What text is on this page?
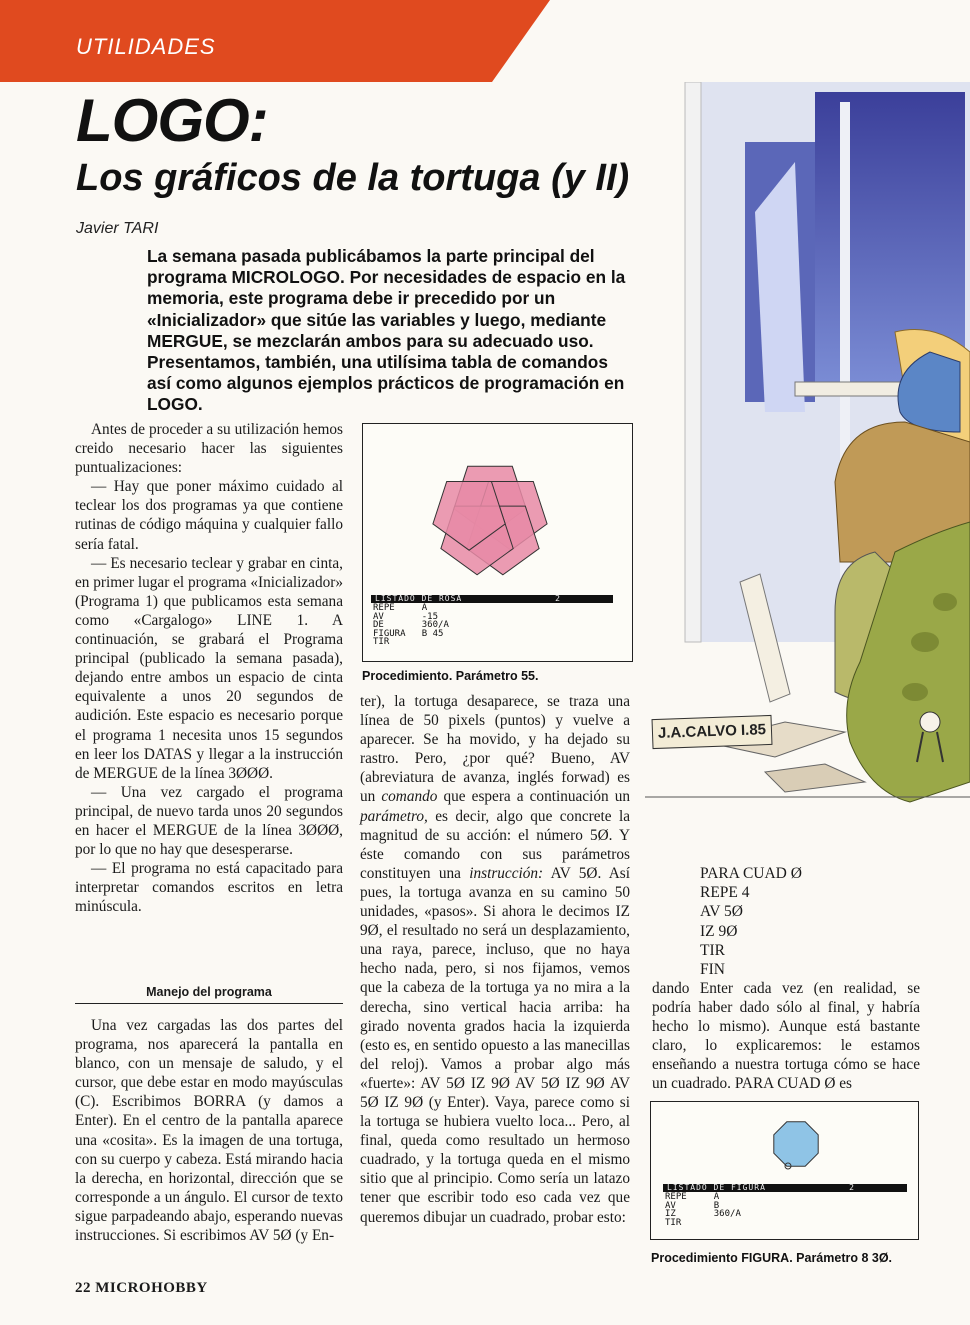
UTILIDADES
J.A.CALVO I.85
LOGO:
Los gráficos de la tortuga (y II)
Javier TARI
La semana pasada publicábamos la parte principal del programa MICROLOGO. Por necesidades de espacio en la memoria, este programa debe ir precedido por un «Inicializador» que sitúe las variables y luego, mediante MERGUE, se mezclarán ambos para su adecuado uso. Presentamos, también, una utilísima tabla de comandos así como algunos ejemplos prácticos de programación en LOGO.

Antes de proceder a su utilización hemos creido necesario hacer las siguientes puntualizaciones:

— Hay que poner máximo cuidado al teclear los dos programas ya que contiene rutinas de código máquina y cualquier fallo sería fatal.

— Es necesario teclear y grabar en cinta, en primer lugar el programa «Inicializador» (Programa 1) que publicamos esta semana como «Cargalogo» LINE 1. A continuación, se grabará el Programa principal (publicado la semana pasada), dejando entre ambos un espacio de cinta equivalente a unos 20 segundos de audición. Este espacio es necesario porque el programa 1 necesita unos 15 segundos en leer los DATAS y llegar a la instrucción de MERGUE de la línea 3ØØØ.

— Una vez cargado el programa principal, de nuevo tarda unos 20 segundos en hacer el MERGUE de la línea 3ØØØ, por lo que no hay que desesperarse.

— El programa no está capacitado para interpretar comandos escritos en letra minúscula.

Manejo del programa

Una vez cargadas las dos partes del programa, nos aparecerá la pantalla en blanco, con un mensaje de saludo, y el cursor, que debe estar en modo mayúsculas (C). Escribimos BORRA (y damos a Enter). En el centro de la pantalla aparece una «cosita». Es la imagen de una tortuga, con su cuerpo y cabeza. Está mirando hacia la derecha, en horizontal, dirección que se corresponde a un ángulo. El cursor de texto sigue parpadeando abajo, esperando nuevas instrucciones. Si escribimos AV 5Ø (y En-

LISTADO DE ROSA	2
REPE     A
AV       -15
DE       360/A
FIGURA   B 45
TIR
Procedimiento. Parámetro 55.

ter), la tortuga desaparece, se traza una línea de 50 pixels (puntos) y vuelve a aparecer. Se ha movido, y ha dejado su rastro. Pero, ¿por qué? Bueno, AV (abreviatura de avanza, inglés forwad) es un comando que espera a continuación un parámetro, es decir, algo que concrete la magnitud de su acción: el número 5Ø. Y éste comando con sus parámetros constituyen una instrucción: AV 5Ø. Así pues, la tortuga avanza en su camino 50 unidades, «pasos». Si ahora le decimos IZ 9Ø, el resultado no será un desplazamiento, una raya, parece, incluso, que no haya hecho nada, pero, si nos fijamos, vemos que la cabeza de la tortuga ya no mira a la derecha, sino vertical hacia arriba: ha girado noventa grados hacia la izquierda (esto es, en sentido opuesto a las manecillas del reloj). Vamos a probar algo más «fuerte»: AV 5Ø IZ 9Ø AV 5Ø IZ 9Ø AV 5Ø IZ 9Ø (y Enter). Vaya, parece como si la tortuga se hubiera vuelto loca... Pero, al final, queda como resultado un hermoso cuadrado, y la tortuga queda en el mismo sitio que al principio. Como sería un latazo tener que escribir todo eso cada vez que queremos dibujar un cuadrado, probar esto:

PARA CUAD Ø
REPE 4
AV 5Ø
IZ 9Ø
TIR
FIN

dando Enter cada vez (en realidad, se podría haber dado sólo al final, y habría hecho lo mismo). Aunque está bastante claro, lo explicaremos: le estamos enseñando a nuestra tortuga cómo se hace un cuadrado. PARA CUAD Ø es

LISTADO DE FIGURA	2
REPE     A
AV       B
IZ       360/A
TIR
Procedimiento FIGURA. Parámetro 8 3Ø.
22 MICROHOBBY
